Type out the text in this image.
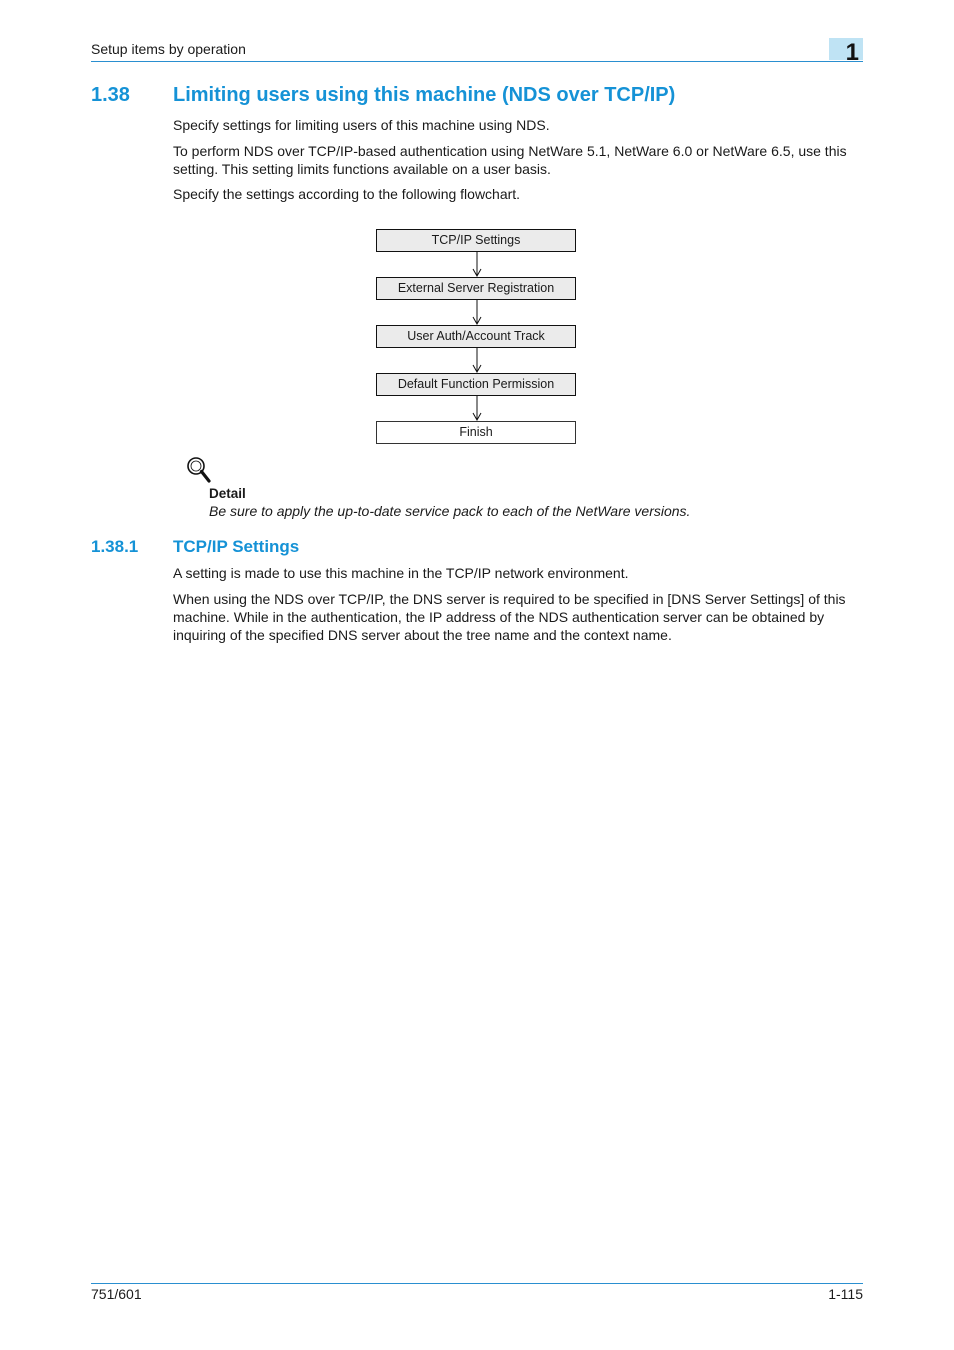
Setup items by operation	1
1.38 Limiting users using this machine (NDS over TCP/IP)
Specify settings for limiting users of this machine using NDS.
To perform NDS over TCP/IP-based authentication using NetWare 5.1, NetWare 6.0 or NetWare 6.5, use this setting. This setting limits functions available on a user basis.
Specify the settings according to the following flowchart.
TCP/IP Settings
External Server Registration
User Auth/Account Track
Default Function Permission
Finish
Detail
Be sure to apply the up-to-date service pack to each of the NetWare versions.
1.38.1 TCP/IP Settings
A setting is made to use this machine in the TCP/IP network environment.
When using the NDS over TCP/IP, the DNS server is required to be specified in [DNS Server Settings] of this machine. While in the authentication, the IP address of the NDS authentication server can be obtained by inquiring of the specified DNS server about the tree name and the context name.
751/601	1-115
